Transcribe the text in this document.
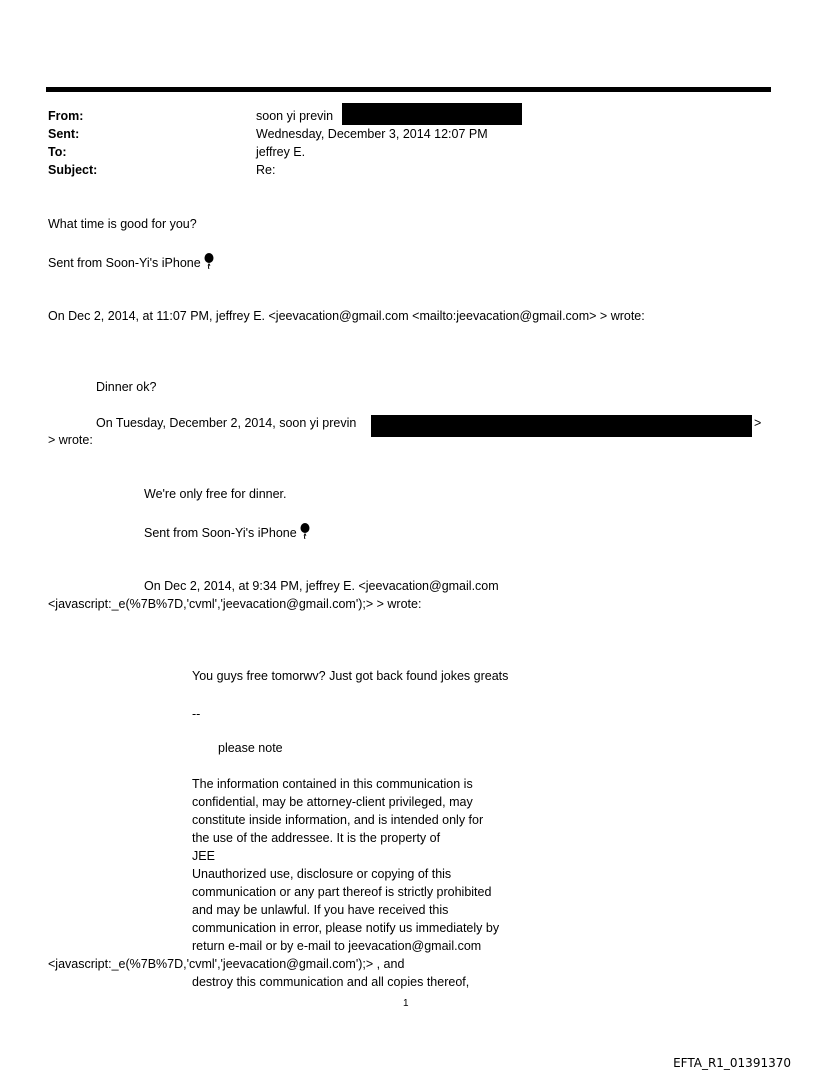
From:	soon yi previn
Sent:	Wednesday, December 3, 2014 12:07 PM
To:	jeffrey E.
Subject:	Re:
What time is good for you?
Sent from Soon-Yi's iPhone
On Dec 2, 2014, at 11:07 PM, jeffrey E. <jeevacation@gmail.com <mailto:jeevacation@gmail.com> > wrote:
Dinner ok?
On Tuesday, December 2, 2014, soon yi previn	>
> wrote:
We're only free for dinner.
Sent from Soon-Yi's iPhone
On Dec 2, 2014, at 9:34 PM, jeffrey E. <jeevacation@gmail.com
<javascript:_e(%7B%7D,'cvml','jeevacation@gmail.com');> > wrote:
You guys free tomorwv? Just got back found jokes greats
--
please note
The information contained in this communication is
confidential, may be attorney-client privileged, may
constitute inside information, and is intended only for
the use of the addressee. It is the property of
JEE
Unauthorized use, disclosure or copying of this
communication or any part thereof is strictly prohibited
and may be unlawful. If you have received this
communication in error, please notify us immediately by
return e-mail or by e-mail to jeevacation@gmail.com
<javascript:_e(%7B%7D,'cvml','jeevacation@gmail.com');> , and
destroy this communication and all copies thereof,
1
EFTA_R1_01391370
